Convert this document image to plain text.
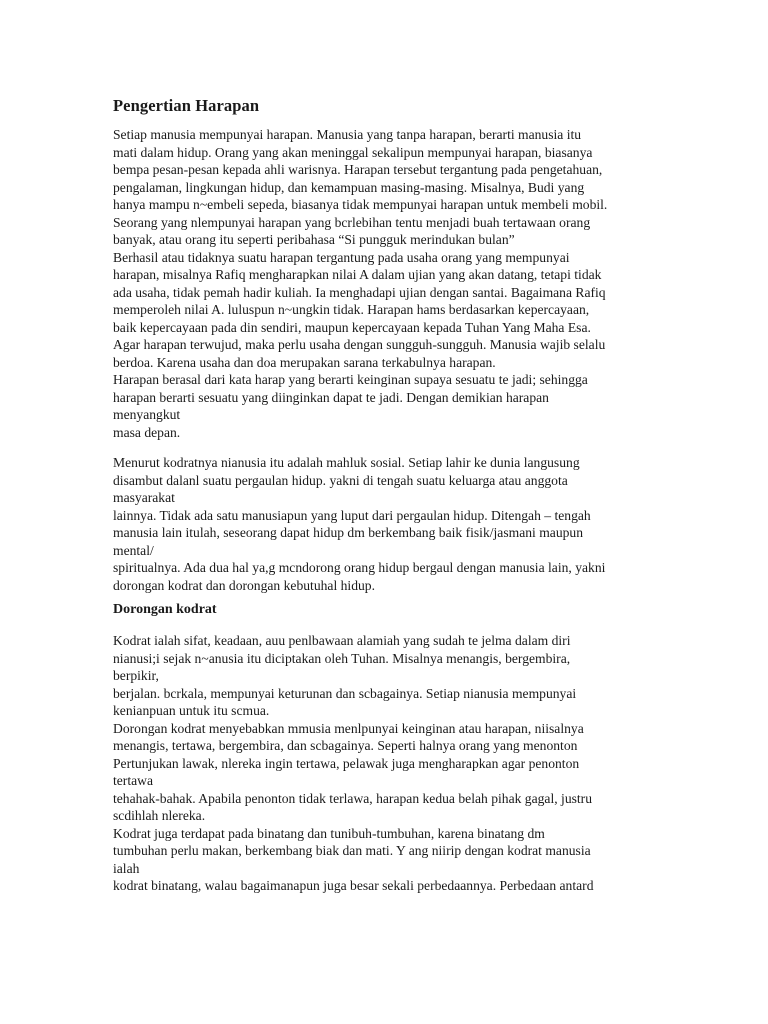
Pengertian Harapan
Setiap manusia mempunyai harapan. Manusia yang tanpa harapan, berarti manusia itu
mati dalam hidup. Orang yang akan meninggal sekalipun mempunyai harapan, biasanya
bempa pesan-pesan kepada ahli warisnya. Harapan tersebut tergantung pada pengetahuan,
pengalaman, lingkungan hidup, dan kemampuan masing-masing. Misalnya, Budi yang
hanya mampu n~embeli sepeda, biasanya tidak mempunyai harapan untuk membeli mobil.
Seorang yang nlempunyai harapan yang bcrlebihan tentu menjadi buah tertawaan orang
banyak, atau orang itu seperti peribahasa “Si pungguk merindukan bulan”
Berhasil atau tidaknya suatu harapan tergantung pada usaha orang yang mempunyai
harapan, misalnya Rafiq mengharapkan nilai A dalam ujian yang akan datang, tetapi tidak
ada usaha, tidak pemah hadir kuliah. Ia menghadapi ujian dengan santai. Bagaimana Rafiq
memperoleh nilai A. luluspun n~ungkin tidak. Harapan hams berdasarkan kepercayaan,
baik kepercayaan pada din sendiri, maupun kepercayaan kepada Tuhan Yang Maha Esa.
Agar harapan terwujud, maka perlu usaha dengan sungguh-sungguh. Manusia wajib selalu
berdoa. Karena usaha dan doa merupakan sarana terkabulnya harapan.
Harapan berasal dari kata harap yang berarti keinginan supaya sesuatu te jadi; sehingga
harapan berarti sesuatu yang diinginkan dapat te jadi. Dengan demikian harapan
menyangkut
masa depan.
Menurut kodratnya nianusia itu adalah mahluk sosial. Setiap lahir ke dunia langusung
disambut dalanl suatu pergaulan hidup. yakni di tengah suatu keluarga atau anggota
masyarakat
lainnya. Tidak ada satu manusiapun yang luput dari pergaulan hidup. Ditengah – tengah
manusia lain itulah, seseorang dapat hidup dm berkembang baik fisik/jasmani maupun
mental/
spiritualnya. Ada dua hal ya,g mcndorong orang hidup bergaul dengan manusia lain, yakni
dorongan kodrat dan dorongan kebutuhal hidup.
Dorongan kodrat
Kodrat ialah sifat, keadaan, auu penlbawaan alamiah yang sudah te jelma dalam diri
nianusi;i sejak n~anusia itu diciptakan oleh Tuhan. Misalnya menangis, bergembira,
berpikir,
berjalan. bcrkala, mempunyai keturunan dan scbagainya. Setiap nianusia mempunyai
kenianpuan untuk itu scmua.
Dorongan kodrat menyebabkan mmusia menlpunyai keinginan atau harapan, niisalnya
menangis, tertawa, bergembira, dan scbagainya. Seperti halnya orang yang menonton
Pertunjukan lawak, nlereka ingin tertawa, pelawak juga mengharapkan agar penonton
tertawa
tehahak-bahak. Apabila penonton tidak terlawa, harapan kedua belah pihak gagal, justru
scdihlah nlereka.
Kodrat juga terdapat pada binatang dan tunibuh-tumbuhan, karena binatang dm
tumbuhan perlu makan, berkembang biak dan mati. Y ang niirip dengan kodrat manusia
ialah
kodrat binatang, walau bagaimanapun juga besar sekali perbedaannya. Perbedaan antard
